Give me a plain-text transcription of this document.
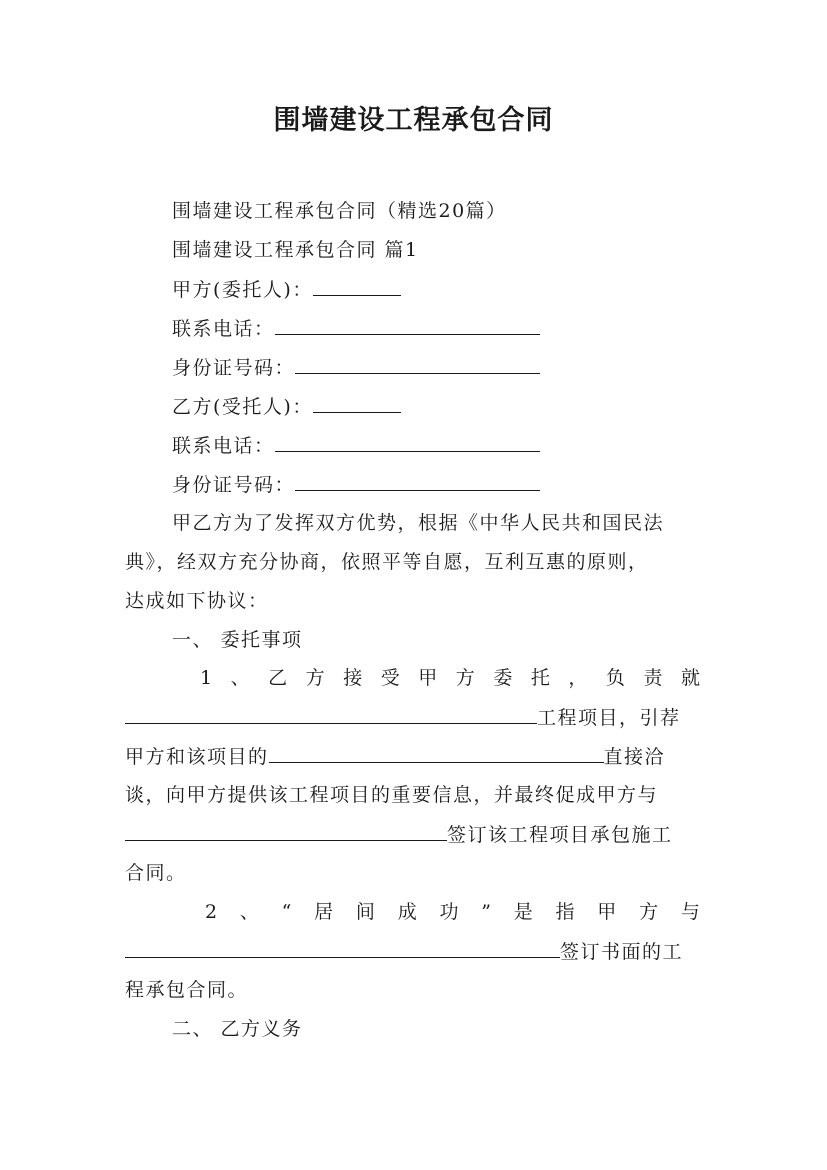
围墙建设工程承包合同
围墙建设工程承包合同（精选20篇）
围墙建设工程承包合同 篇1
甲方(委托人)：
联系电话：
身份证号码：
乙方(受托人)：
联系电话：
身份证号码：
甲乙方为了发挥双方优势，根据《中华人民共和国民法
典》，经双方充分协商，依照平等自愿，互利互惠的原则，
达成如下协议：
一、 委托事项
1 、 乙 方 接 受 甲 方 委 托 ， 负 责 就
工程项目，引荐
甲方和该项目的	直接洽
谈，向甲方提供该工程项目的重要信息，并最终促成甲方与
签订该工程项目承包施工
合同。
2 、 “ 居 间 成 功 ” 是 指 甲 方 与
签订书面的工
程承包合同。
二、 乙方义务
